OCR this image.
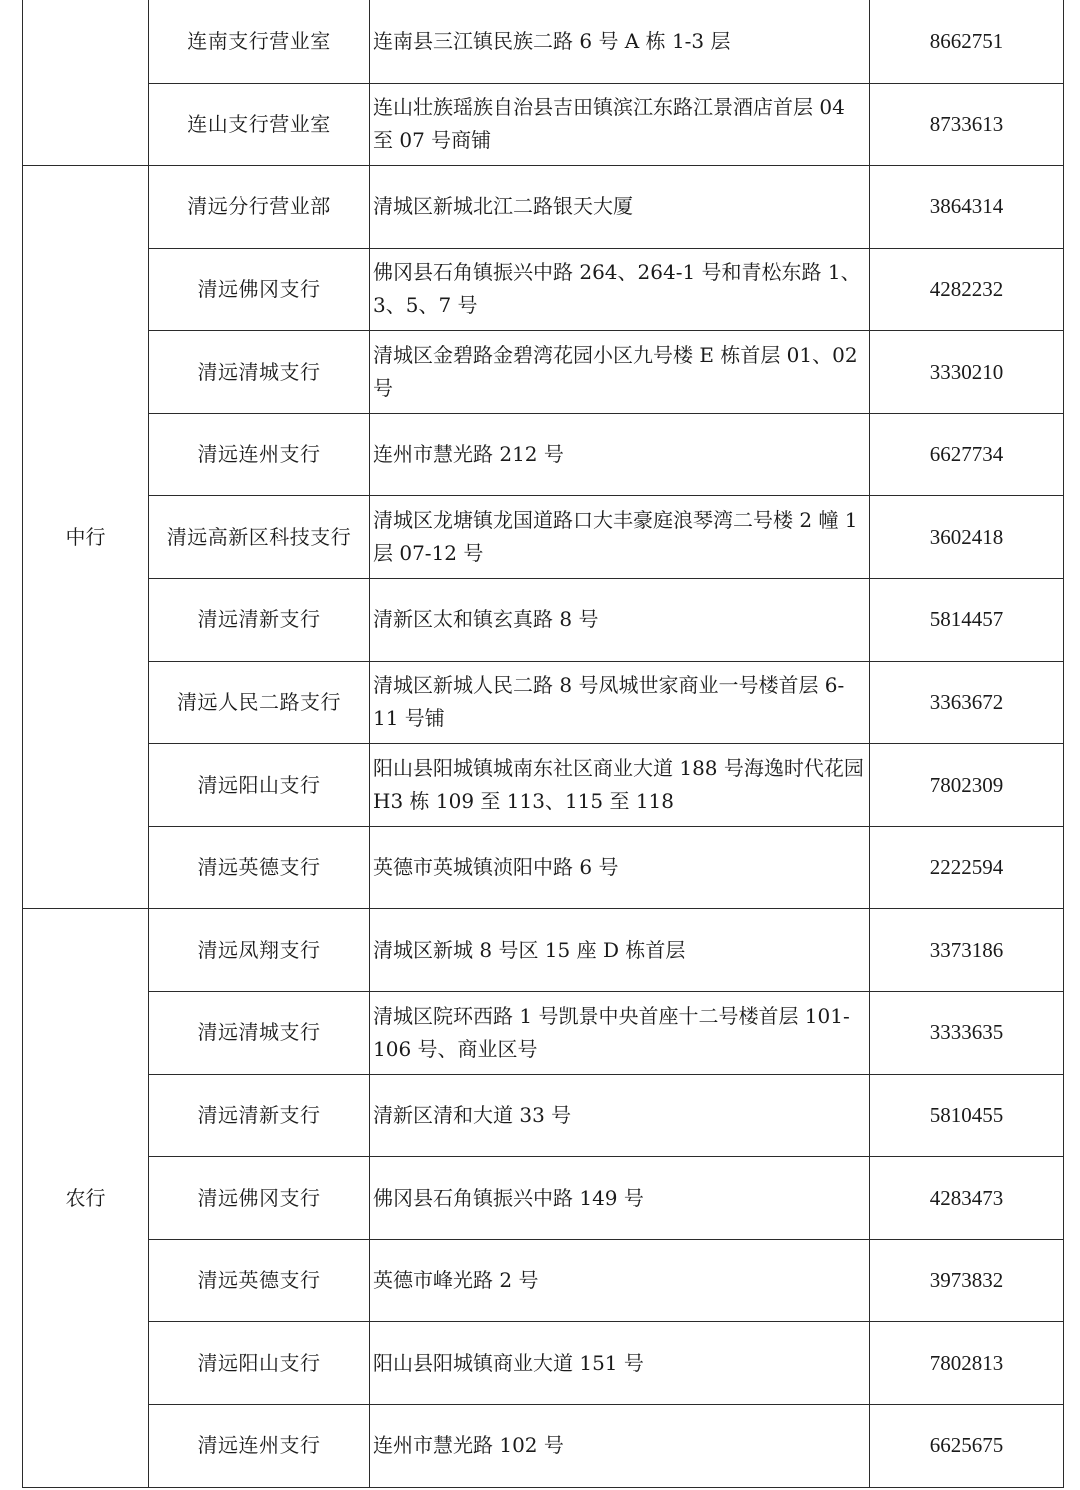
	连南支行营业室	连南县三江镇民族二路 6 号 A 栋 1-3 层	8662751
	连山支行营业室	连山壮族瑶族自治县吉田镇滨江东路江景酒店首层 04 至 07 号商铺	8733613
中行	清远分行营业部	清城区新城北江二路银天大厦	3864314
	清远佛冈支行	佛冈县石角镇振兴中路 264、264-1 号和青松东路 1、3、5、7 号	4282232
	清远清城支行	清城区金碧路金碧湾花园小区九号楼 E 栋首层 01、02 号	3330210
	清远连州支行	连州市慧光路 212 号	6627734
	清远高新区科技支行	清城区龙塘镇龙国道路口大丰豪庭浪琴湾二号楼 2 幢 1 层 07-12 号	3602418
	清远清新支行	清新区太和镇玄真路 8 号	5814457
	清远人民二路支行	清城区新城人民二路 8 号凤城世家商业一号楼首层 6-11 号铺	3363672
	清远阳山支行	阳山县阳城镇城南东社区商业大道 188 号海逸时代花园 H3 栋 109 至 113、115 至 118	7802309
	清远英德支行	英德市英城镇浈阳中路 6 号	2222594
农行	清远凤翔支行	清城区新城 8 号区 15 座 D 栋首层	3373186
	清远清城支行	清城区院环西路 1 号凯景中央首座十二号楼首层 101-106 号、商业区号	3333635
	清远清新支行	清新区清和大道 33 号	5810455
	清远佛冈支行	佛冈县石角镇振兴中路 149 号	4283473
	清远英德支行	英德市峰光路 2 号	3973832
	清远阳山支行	阳山县阳城镇商业大道 151 号	7802813
	清远连州支行	连州市慧光路 102 号	6625675
